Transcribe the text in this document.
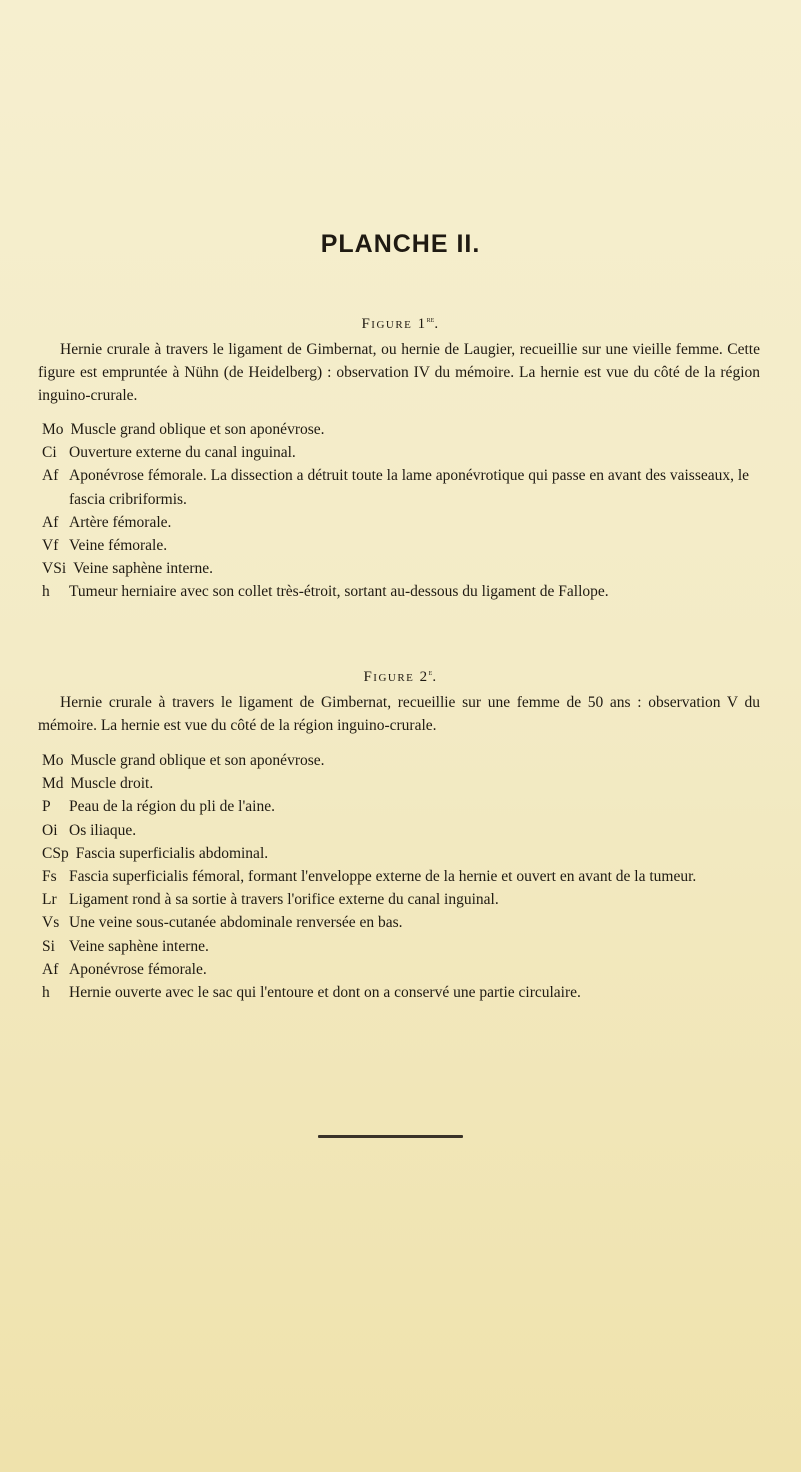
PLANCHE II.
Figure 1re.

Hernie crurale à travers le ligament de Gimbernat, ou hernie de Laugier, recueillie sur une vieille femme. Cette figure est empruntée à Nühn (de Heidelberg) : observation IV du mémoire. La hernie est vue du côté de la région inguino-crurale.

Mo Muscle grand oblique et son aponévrose.
Ci Ouverture externe du canal inguinal.
Af Aponévrose fémorale. La dissection a détruit toute la lame aponévrotique qui passe en avant des vaisseaux, le fascia cribriformis.
Af Artère fémorale.
Vf Veine fémorale.
VSi Veine saphène interne.
h	Tumeur herniaire avec son collet très-étroit, sortant au-dessous du ligament de Fallope.
Figure 2e.

Hernie crurale à travers le ligament de Gimbernat, recueillie sur une femme de 50 ans : observation V du mémoire. La hernie est vue du côté de la région inguino-crurale.

Mo Muscle grand oblique et son aponévrose.
Md Muscle droit.
P	Peau de la région du pli de l'aine.
Oi Os iliaque.
CSp Fascia superficialis abdominal.
Fs Fascia superficialis fémoral, formant l'enveloppe externe de la hernie et ouvert en avant de la tumeur.
Lr Ligament rond à sa sortie à travers l'orifice externe du canal inguinal.
Vs Une veine sous-cutanée abdominale renversée en bas.
Si Veine saphène interne.
Af Aponévrose fémorale.
h	Hernie ouverte avec le sac qui l'entoure et dont on a conservé une partie circulaire.
